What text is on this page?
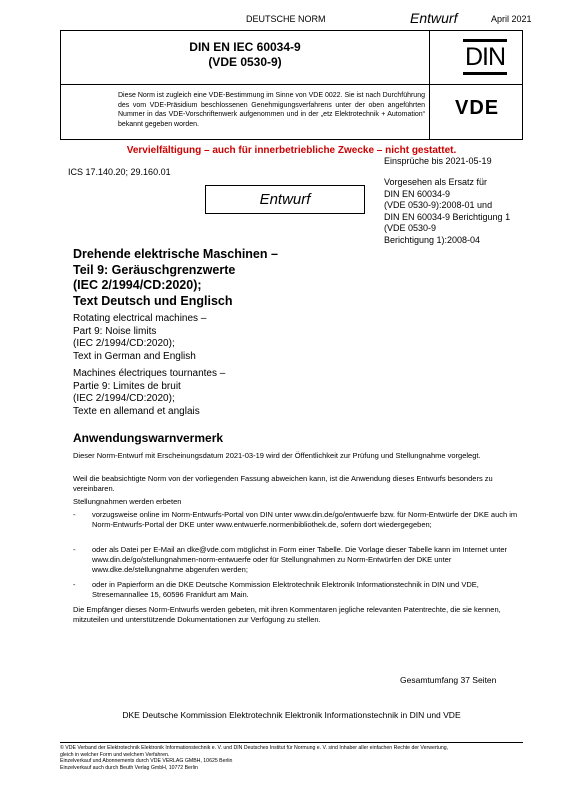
DEUTSCHE NORM	Entwurf	April 2021
DIN EN IEC 60034-9
(VDE 0530-9)
Diese Norm ist zugleich eine VDE-Bestimmung im Sinne von VDE 0022. Sie ist nach Durchführung des vom VDE-Präsidium beschlossenen Genehmigungsverfahrens unter der oben angeführten Nummer in das VDE-Vorschriftenwerk aufgenommen und in der „etz Elektrotechnik + Automation“ bekannt gegeben worden.
DIN
VDE
Vervielfältigung – auch für innerbetriebliche Zwecke – nicht gestattet.
Einsprüche bis 2021-05-19
ICS 17.140.20; 29.160.01
Vorgesehen als Ersatz für
DIN EN 60034-9
(VDE 0530-9):2008-01 und
DIN EN 60034-9 Berichtigung 1
(VDE 0530-9
Berichtigung 1):2008-04
Entwurf
Drehende elektrische Maschinen –
Teil 9: Geräuschgrenzwerte
(IEC 2/1994/CD:2020);
Text Deutsch und Englisch
Rotating electrical machines –
Part 9: Noise limits
(IEC 2/1994/CD:2020);
Text in German and English
Machines électriques tournantes –
Partie 9: Limites de bruit
(IEC 2/1994/CD:2020);
Texte en allemand et anglais
Anwendungswarnvermerk
Dieser Norm-Entwurf mit Erscheinungsdatum 2021-03-19 wird der Öffentlichkeit zur Prüfung und Stellungnahme vorgelegt.
Weil die beabsichtigte Norm von der vorliegenden Fassung abweichen kann, ist die Anwendung dieses Entwurfs besonders zu vereinbaren.
Stellungnahmen werden erbeten
- vorzugsweise online im Norm-Entwurfs-Portal von DIN unter www.din.de/go/entwuerfe bzw. für Norm-Entwürfe der DKE auch im Norm-Entwurfs-Portal der DKE unter www.entwuerfe.normenbibliothek.de, sofern dort wiedergegeben;
- oder als Datei per E-Mail an dke@vde.com möglichst in Form einer Tabelle. Die Vorlage dieser Tabelle kann im Internet unter www.din.de/go/stellungnahmen-norm-entwuerfe oder für Stellungnahmen zu Norm-Entwürfen der DKE unter www.dke.de/stellungnahme abgerufen werden;
- oder in Papierform an die DKE Deutsche Kommission Elektrotechnik Elektronik Informationstechnik in DIN und VDE, Stresemannallee 15, 60596 Frankfurt am Main.
Die Empfänger dieses Norm-Entwurfs werden gebeten, mit ihren Kommentaren jegliche relevanten Patentrechte, die sie kennen, mitzuteilen und unterstützende Dokumentationen zur Verfügung zu stellen.
Gesamtumfang 37 Seiten
DKE Deutsche Kommission Elektrotechnik Elektronik Informationstechnik in DIN und VDE
© VDE Verband der Elektrotechnik Elektronik Informationstechnik e. V. und DIN Deutsches Institut für Normung e. V. sind Inhaber aller einfachen Rechte der Verwertung,
gleich in welcher Form und welchem Verfahren.
Einzelverkauf und Abonnements durch VDE VERLAG GMBH, 10625 Berlin
Einzelverkauf auch durch Beuth Verlag GmbH, 10772 Berlin
